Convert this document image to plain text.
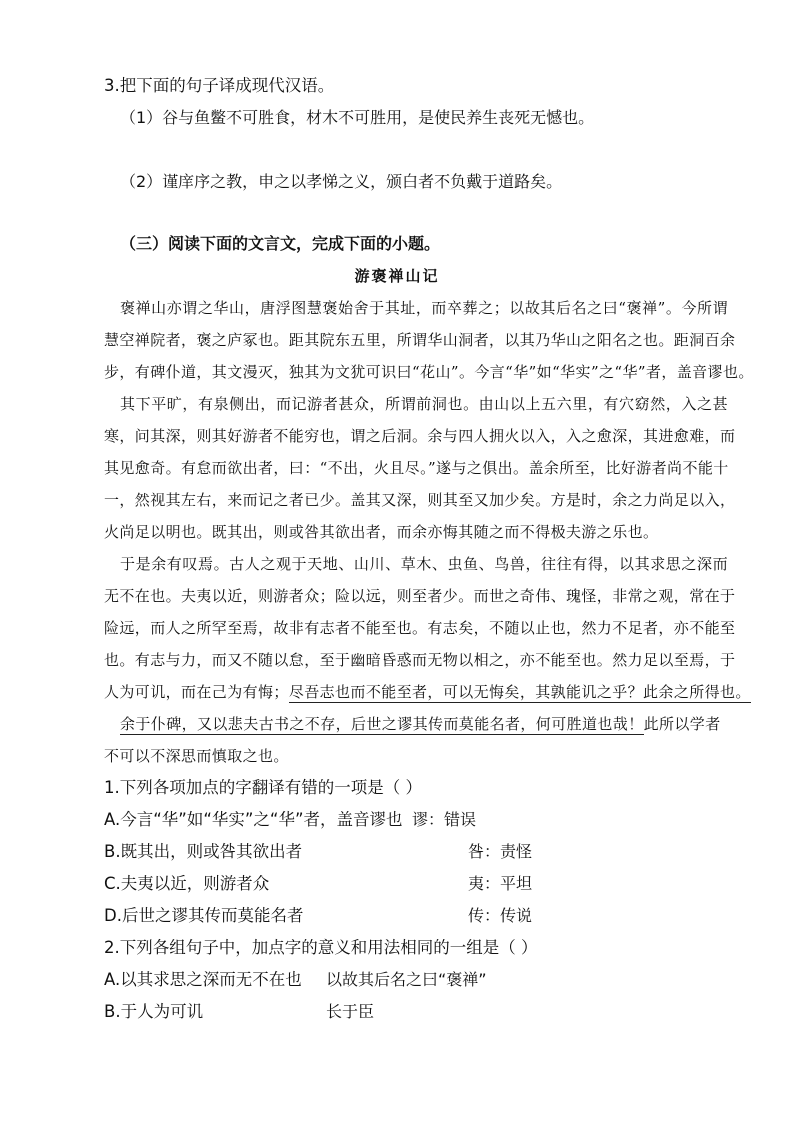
3.把下面的句子译成现代汉语。
（1）谷与鱼鳖不可胜食，材木不可胜用，是使民养生丧死无憾也。
（2）谨庠序之教，申之以孝悌之义，颁白者不负戴于道路矣。
（三）阅读下面的文言文，完成下面的小题。
游褒禅山记
褒禅山亦谓之华山，唐浮图慧褒始舍于其址，而卒葬之；以故其后名之曰“褒禅”。今所谓
慧空禅院者，褒之庐冢也。距其院东五里，所谓华山洞者，以其乃华山之阳名之也。距洞百余
步，有碑仆道，其文漫灭，独其为文犹可识曰“花山”。今言“华”如“华实”之“华”者，盖音谬也。
其下平旷，有泉侧出，而记游者甚众，所谓前洞也。由山以上五六里，有穴窈然，入之甚
寒，问其深，则其好游者不能穷也，谓之后洞。余与四人拥火以入，入之愈深，其进愈难，而
其见愈奇。有怠而欲出者，曰：“不出，火且尽。”遂与之俱出。盖余所至，比好游者尚不能十
一，然视其左右，来而记之者已少。盖其又深，则其至又加少矣。方是时，余之力尚足以入，
火尚足以明也。既其出，则或咎其欲出者，而余亦悔其随之而不得极夫游之乐也。
于是余有叹焉。古人之观于天地、山川、草木、虫鱼、鸟兽，往往有得，以其求思之深而
无不在也。夫夷以近，则游者众；险以远，则至者少。而世之奇伟、瑰怪，非常之观，常在于
险远，而人之所罕至焉，故非有志者不能至也。有志矣，不随以止也，然力不足者，亦不能至
也。有志与力，而又不随以怠，至于幽暗昏惑而无物以相之，亦不能至也。然力足以至焉，于
人为可讥，而在己为有悔；尽吾志也而不能至者，可以无悔矣，其孰能讥之乎？此余之所得也。
余于仆碑，又以悲夫古书之不存，后世之谬其传而莫能名者，何可胜道也哉！此所以学者
不可以不深思而慎取之也。
1.下列各项加点的字翻译有错的一项是（ ）
A.今言“华”如“华实”之“华”者，盖音谬也 谬：错误
B.既其出，则或咎其欲出者	咎：责怪
C.夫夷以近，则游者众	夷：平坦
D.后世之谬其传而莫能名者	传：传说
2.下列各组句子中，加点字的意义和用法相同的一组是（ ）
A.以其求思之深而无不在也 以故其后名之曰“褒禅”
B.于人为可讥	长于臣
